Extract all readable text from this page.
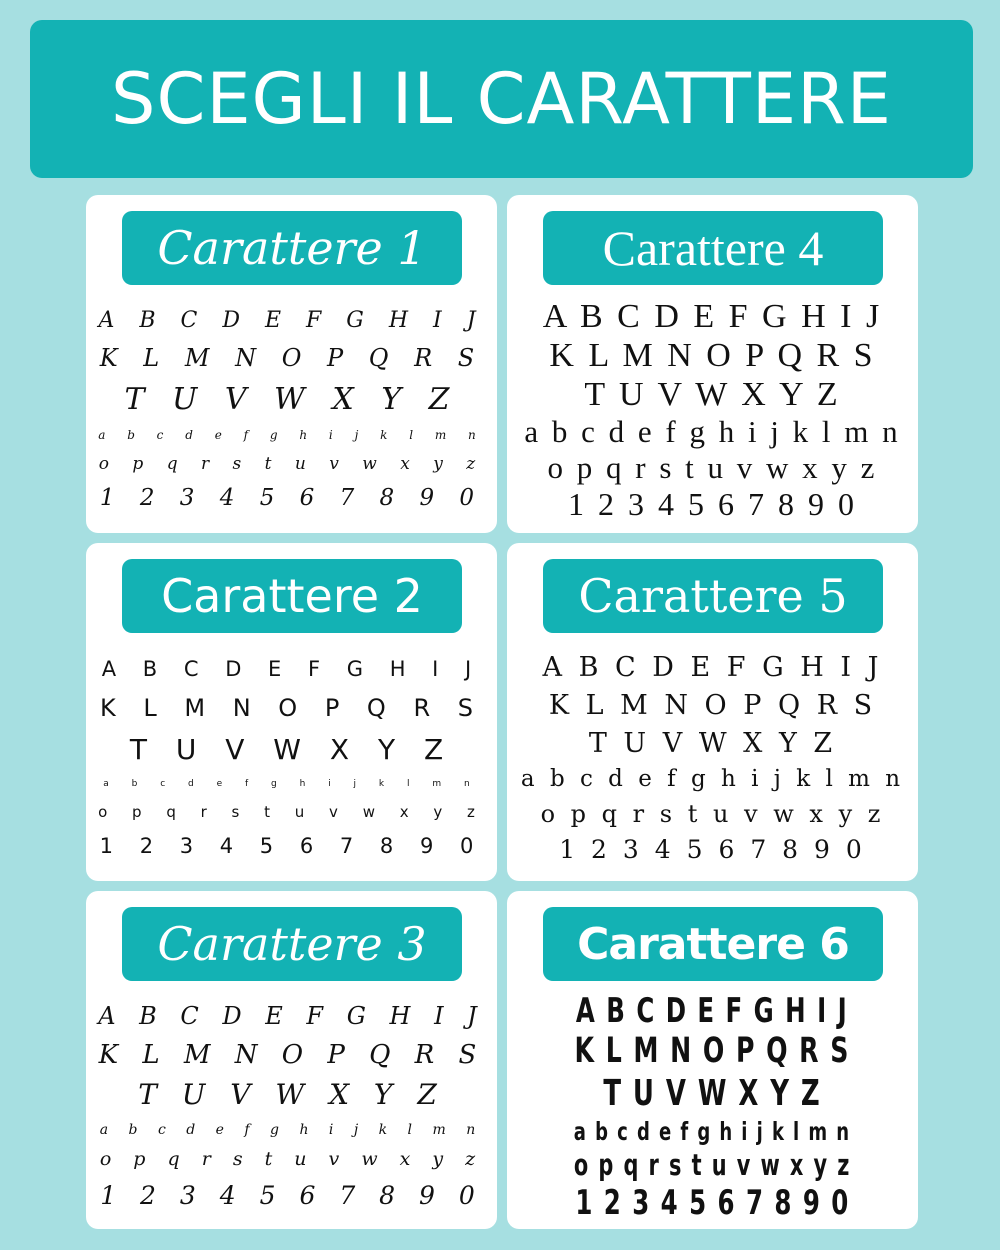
SCEGLI IL CARATTERE
Carattere 1
A B C D E F G H I J
K L M N O P Q R S
T U V W X Y Z
a b c d e f g h i j k l m n
o p q r s t u v w x y z
1 2 3 4 5 6 7 8 9 0
Carattere 4
A B C D E F G H I J
K L M N O P Q R S
T U V W X Y Z
a b c d e f g h i j k l m n
o p q r s t u v w x y z
1 2 3 4 5 6 7 8 9 0
Carattere 2
A B C D E F G H I J
K L M N O P Q R S
T U V W X Y Z
a b c d e f g h i j k l m n
o p q r s t u v w x y z
1 2 3 4 5 6 7 8 9 0
Carattere 5
A B C D E F G H I J
K L M N O P Q R S
T U V W X Y Z
a b c d e f g h i j k l m n
o p q r s t u v w x y z
1 2 3 4 5 6 7 8 9 0
Carattere 3
A B C D E F G H I J
K L M N O P Q R S
T U V W X Y Z
a b c d e f g h i j k l m n
o p q r s t u v w x y z
1 2 3 4 5 6 7 8 9 0
Carattere 6
A B C D E F G H I J
K L M N O P Q R S
T U V W X Y Z
a b c d e f g h i j k l m n
o p q r s t u v w x y z
1 2 3 4 5 6 7 8 9 0
